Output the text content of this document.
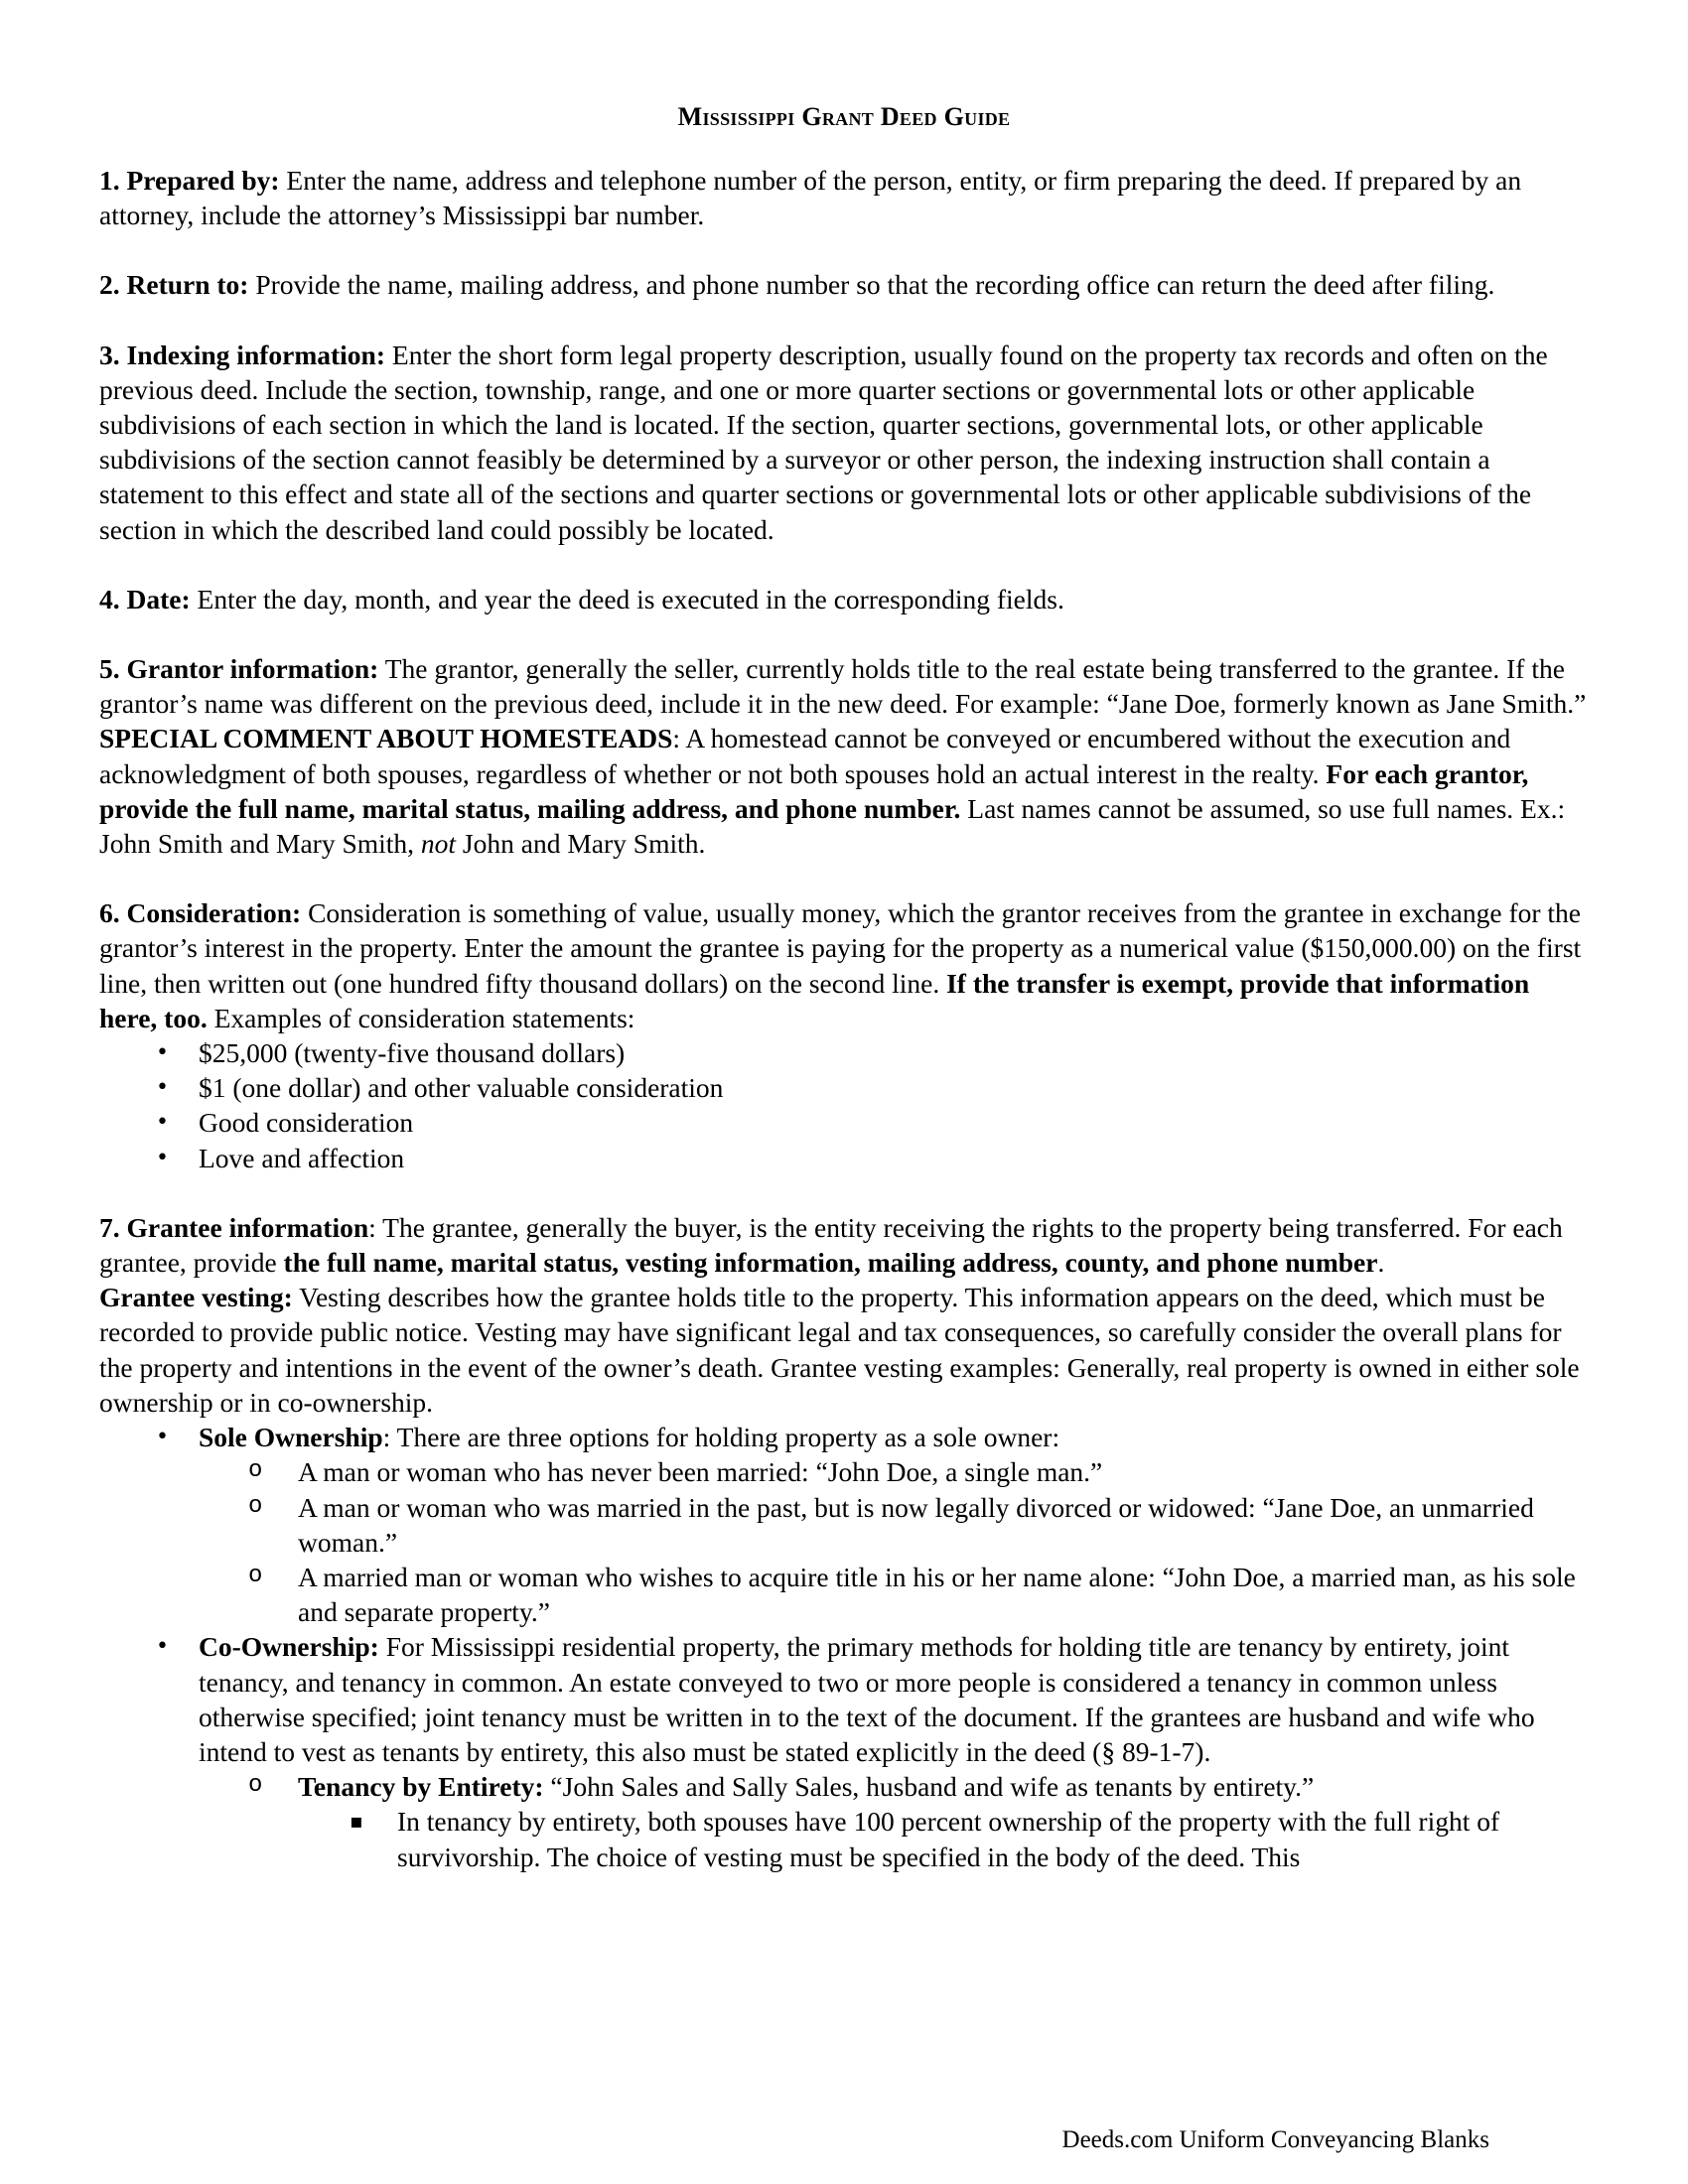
Mississippi Grant Deed Guide

1. Prepared by: Enter the name, address and telephone number of the person, entity, or firm preparing the deed. If prepared by an attorney, include the attorney’s Mississippi bar number.

2. Return to: Provide the name, mailing address, and phone number so that the recording office can return the deed after filing.

3. Indexing information: Enter the short form legal property description, usually found on the property tax records and often on the previous deed. Include the section, township, range, and one or more quarter sections or governmental lots or other applicable subdivisions of each section in which the land is located. If the section, quarter sections, governmental lots, or other applicable subdivisions of the section cannot feasibly be determined by a surveyor or other person, the indexing instruction shall contain a statement to this effect and state all of the sections and quarter sections or governmental lots or other applicable subdivisions of the section in which the described land could possibly be located.

4. Date: Enter the day, month, and year the deed is executed in the corresponding fields.

5. Grantor information: The grantor, generally the seller, currently holds title to the real estate being transferred to the grantee. If the grantor’s name was different on the previous deed, include it in the new deed. For example: “Jane Doe, formerly known as Jane Smith.” SPECIAL COMMENT ABOUT HOMESTEADS: A homestead cannot be conveyed or encumbered without the execution and acknowledgment of both spouses, regardless of whether or not both spouses hold an actual interest in the realty. For each grantor, provide the full name, marital status, mailing address, and phone number. Last names cannot be assumed, so use full names. Ex.: John Smith and Mary Smith, not John and Mary Smith.

6. Consideration: Consideration is something of value, usually money, which the grantor receives from the grantee in exchange for the grantor’s interest in the property. Enter the amount the grantee is paying for the property as a numerical value ($150,000.00) on the first line, then written out (one hundred fifty thousand dollars) on the second line. If the transfer is exempt, provide that information here, too. Examples of consideration statements:

• $25,000 (twenty-five thousand dollars)
• $1 (one dollar) and other valuable consideration
• Good consideration
• Love and affection

7. Grantee information: The grantee, generally the buyer, is the entity receiving the rights to the property being transferred. For each grantee, provide the full name, marital status, vesting information, mailing address, county, and phone number.

Grantee vesting: Vesting describes how the grantee holds title to the property. This information appears on the deed, which must be recorded to provide public notice. Vesting may have significant legal and tax consequences, so carefully consider the overall plans for the property and intentions in the event of the owner’s death. Grantee vesting examples: Generally, real property is owned in either sole ownership or in co-ownership.

• Sole Ownership: There are three options for holding property as a sole owner:
o A man or woman who has never been married: “John Doe, a single man.”
o A man or woman who was married in the past, but is now legally divorced or widowed: “Jane Doe, an unmarried woman.”
o A married man or woman who wishes to acquire title in his or her name alone: “John Doe, a married man, as his sole and separate property.”
• Co-Ownership: For Mississippi residential property, the primary methods for holding title are tenancy by entirety, joint tenancy, and tenancy in common. An estate conveyed to two or more people is considered a tenancy in common unless otherwise specified; joint tenancy must be written in to the text of the document. If the grantees are husband and wife who intend to vest as tenants by entirety, this also must be stated explicitly in the deed (§ 89-1-7).
o Tenancy by Entirety: “John Sales and Sally Sales, husband and wife as tenants by entirety.”
▪ In tenancy by entirety, both spouses have 100 percent ownership of the property with the full right of survivorship. The choice of vesting must be specified in the body of the deed. This
Deeds.com Uniform Conveyancing Blanks
